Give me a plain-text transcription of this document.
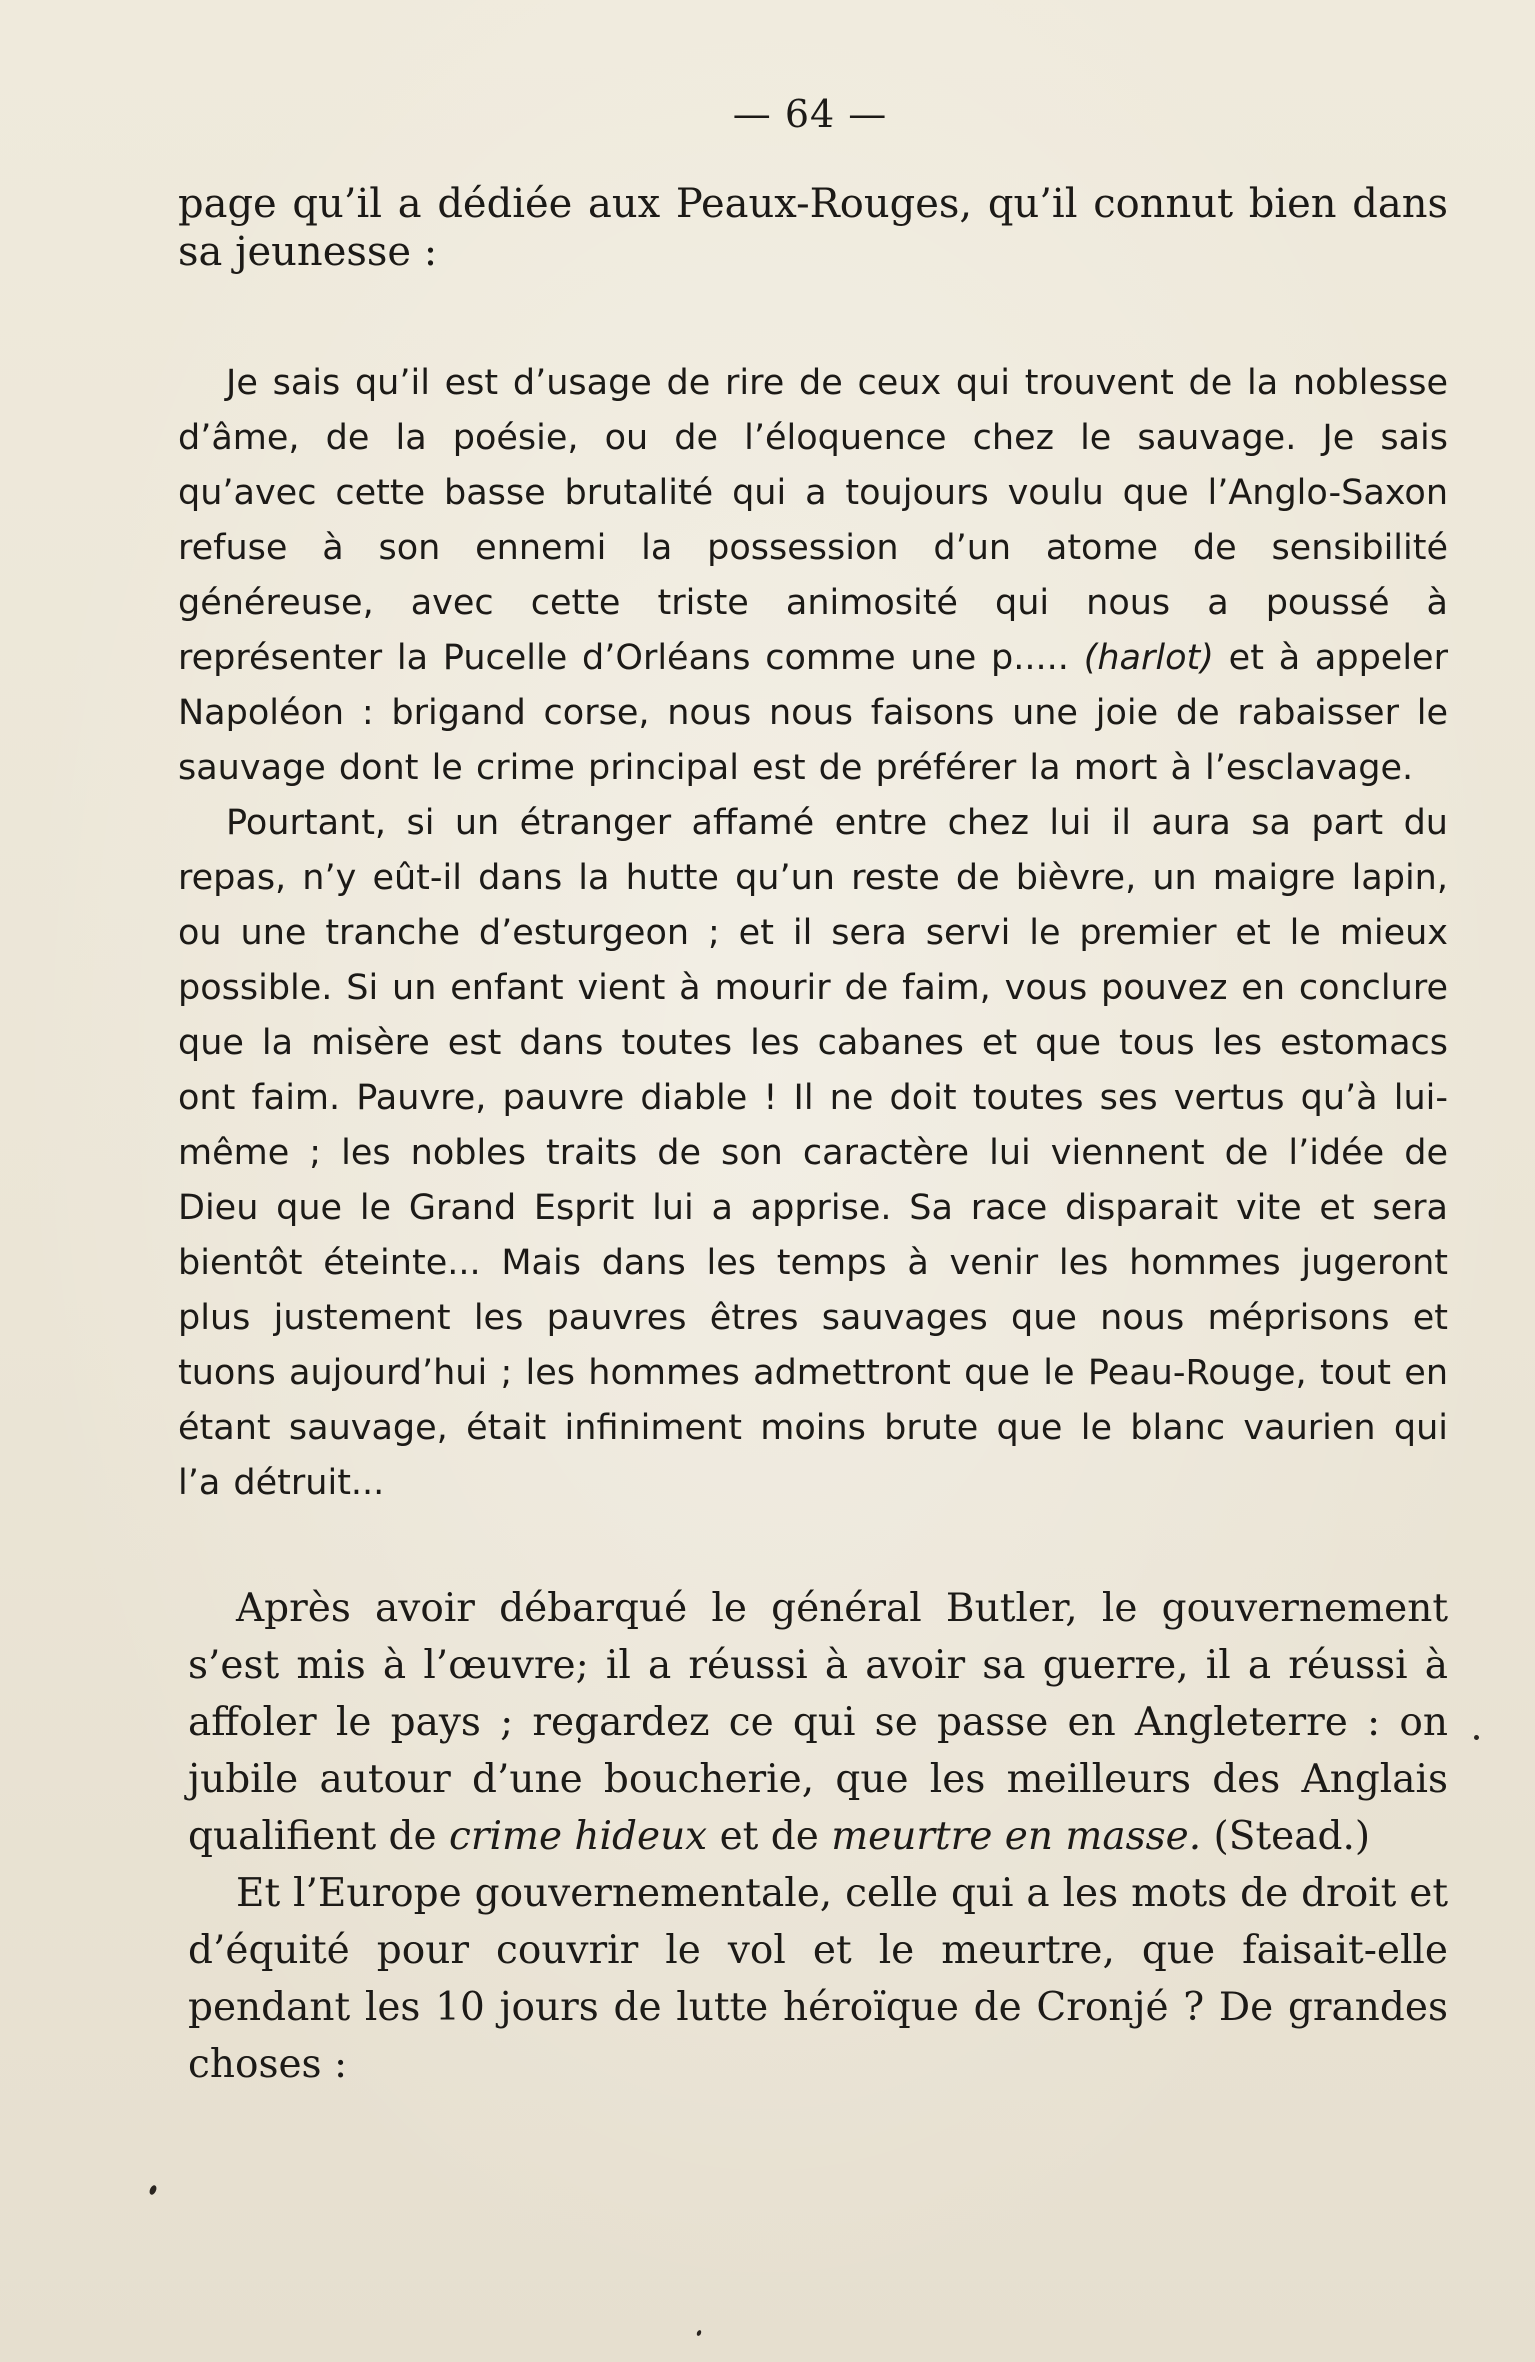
— 64 —

page qu’il a dédiée aux Peaux-Rouges, qu’il connut bien dans sa jeunesse :

Je sais qu’il est d’usage de rire de ceux qui trouvent de la noblesse d’âme, de la poésie, ou de l’éloquence chez le sauvage. Je sais qu’avec cette basse brutalité qui a toujours voulu que l’Anglo-Saxon refuse à son ennemi la possession d’un atome de sensibilité généreuse, avec cette triste animosité qui nous a poussé à représenter la Pucelle d’Orléans comme une p..... (harlot) et à appeler Napoléon : brigand corse, nous nous faisons une joie de rabaisser le sauvage dont le crime principal est de préférer la mort à l’esclavage.

Pourtant, si un étranger affamé entre chez lui il aura sa part du repas, n’y eût-il dans la hutte qu’un reste de bièvre, un maigre lapin, ou une tranche d’esturgeon ; et il sera servi le premier et le mieux possible. Si un enfant vient à mourir de faim, vous pouvez en conclure que la misère est dans toutes les cabanes et que tous les estomacs ont faim. Pauvre, pauvre diable ! Il ne doit toutes ses vertus qu’à lui-même ; les nobles traits de son caractère lui viennent de l’idée de Dieu que le Grand Esprit lui a apprise. Sa race disparait vite et sera bientôt éteinte... Mais dans les temps à venir les hommes jugeront plus justement les pauvres êtres sauvages que nous méprisons et tuons aujourd’hui ; les hommes admettront que le Peau-Rouge, tout en étant sauvage, était infiniment moins brute que le blanc vaurien qui l’a détruit...

Après avoir débarqué le général Butler, le gouvernement s’est mis à l’œuvre; il a réussi à avoir sa guerre, il a réussi à affoler le pays ; regardez ce qui se passe en Angleterre : on jubile autour d’une boucherie, que les meilleurs des Anglais qualifient de crime hideux et de meurtre en masse. (Stead.)

Et l’Europe gouvernementale, celle qui a les mots de droit et d’équité pour couvrir le vol et le meurtre, que faisait-elle pendant les 10 jours de lutte héroïque de Cronjé ? De grandes choses :
